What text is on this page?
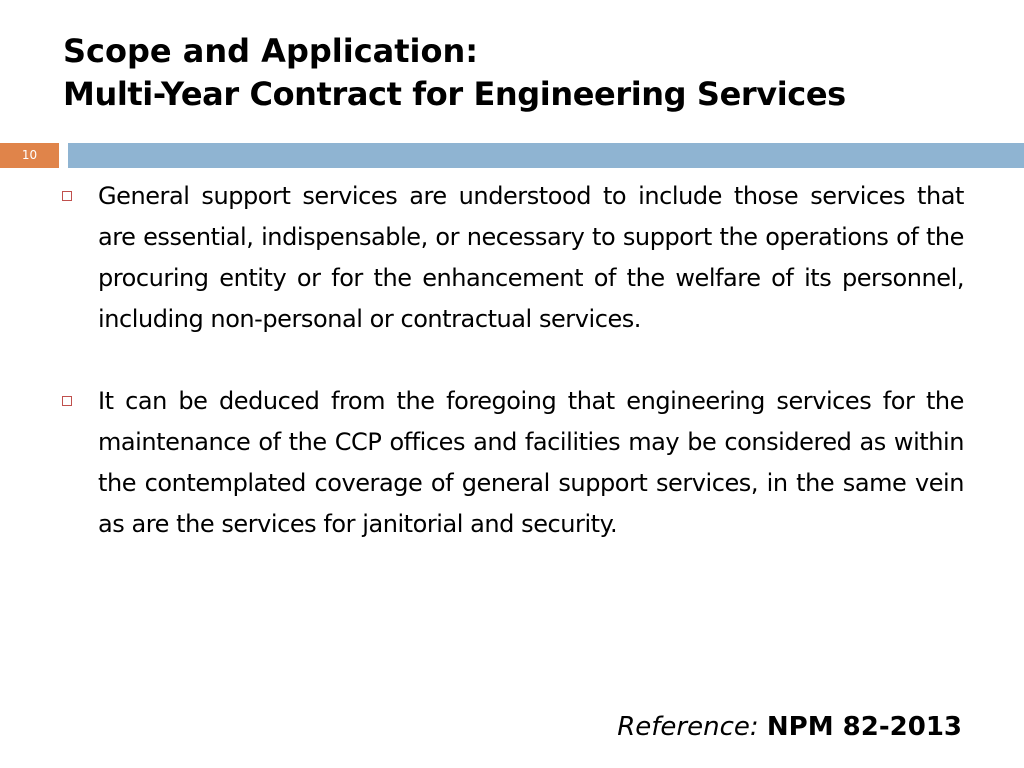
Scope and Application:
Multi-Year Contract for Engineering Services
10
General support services are understood to include those services that are essential, indispensable, or necessary to support the operations of the procuring entity or for the enhancement of the welfare of its personnel, including non-personal or contractual services.
It can be deduced from the foregoing that engineering services for the maintenance of the CCP offices and facilities may be considered as within the contemplated coverage of general support services, in the same vein as are the services for janitorial and security.
Reference: NPM 82-2013
